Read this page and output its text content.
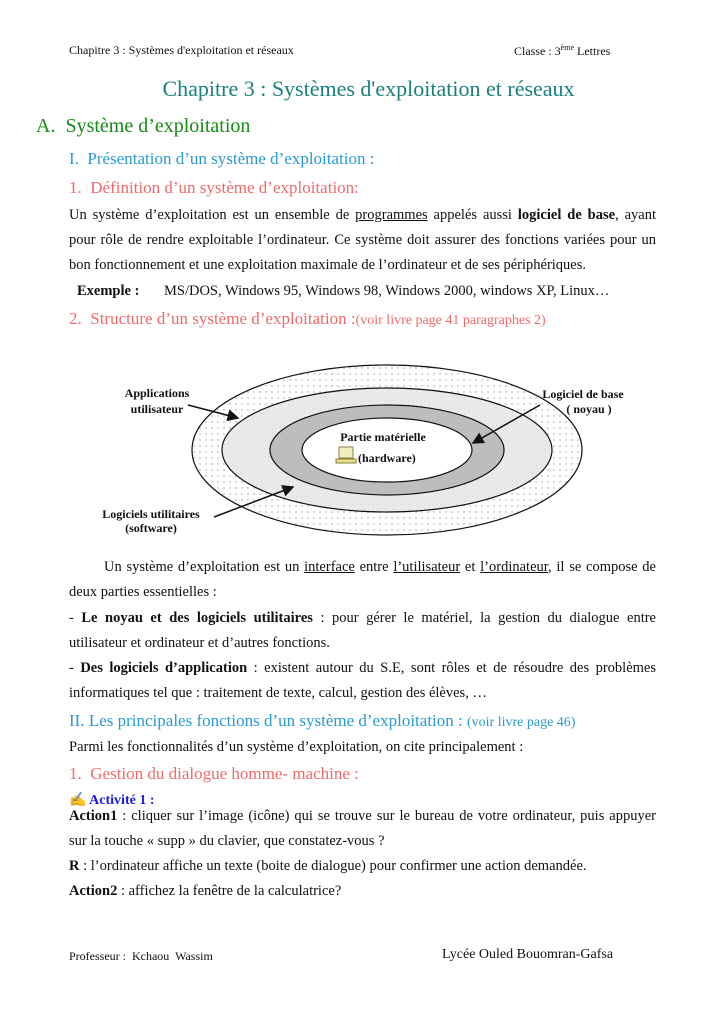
Chapitre 3 : Systèmes d'exploitation et réseaux	Classe : 3ème Lettres
Chapitre 3 : Systèmes d'exploitation et réseaux
A.  Système d’exploitation
I.  Présentation d’un système d’exploitation :
1.  Définition d’un système d’exploitation:
Un système d’exploitation est un ensemble de programmes appelés aussi logiciel de base, ayant
pour rôle de rendre exploitable l’ordinateur. Ce système doit assurer des fonctions variées pour un
bon fonctionnement et une exploitation maximale de l’ordinateur et de ses périphériques.
Exemple : MS/DOS, Windows 95, Windows 98, Windows 2000, windows XP, Linux…
2.  Structure d’un système d’exploitation :(voir livre page 41 paragraphes 2)
Applications
utilisateur
Logiciel de base
( noyau )
Partie matérielle
(hardware)
Logiciels utilitaires
(software)
Un système d’exploitation est un interface entre l’utilisateur et l’ordinateur, il se compose de
deux parties essentielles :
- Le noyau et des logiciels utilitaires : pour gérer le matériel, la gestion du dialogue entre
utilisateur et ordinateur et d’autres fonctions.
- Des logiciels d’application : existent autour du S.E, sont rôles et de résoudre des problèmes
informatiques tel que : traitement de texte, calcul, gestion des élèves, …
II. Les principales fonctions d’un système d’exploitation : (voir livre page 46)
Parmi les fonctionnalités d’un système d’exploitation, on cite principalement :
1.  Gestion du dialogue homme- machine :
✍ Activité 1 :
Action1 : cliquer sur l’image (icône) qui se trouve sur le bureau de votre ordinateur, puis appuyer
sur la touche « supp » du clavier, que constatez-vous ?
R : l’ordinateur affiche un texte (boite de dialogue) pour confirmer une action demandée.
Action2 : affichez la fenêtre de la calculatrice?
Professeur :  Kchaou  Wassim	Lycée Ouled Bouomran-Gafsa
